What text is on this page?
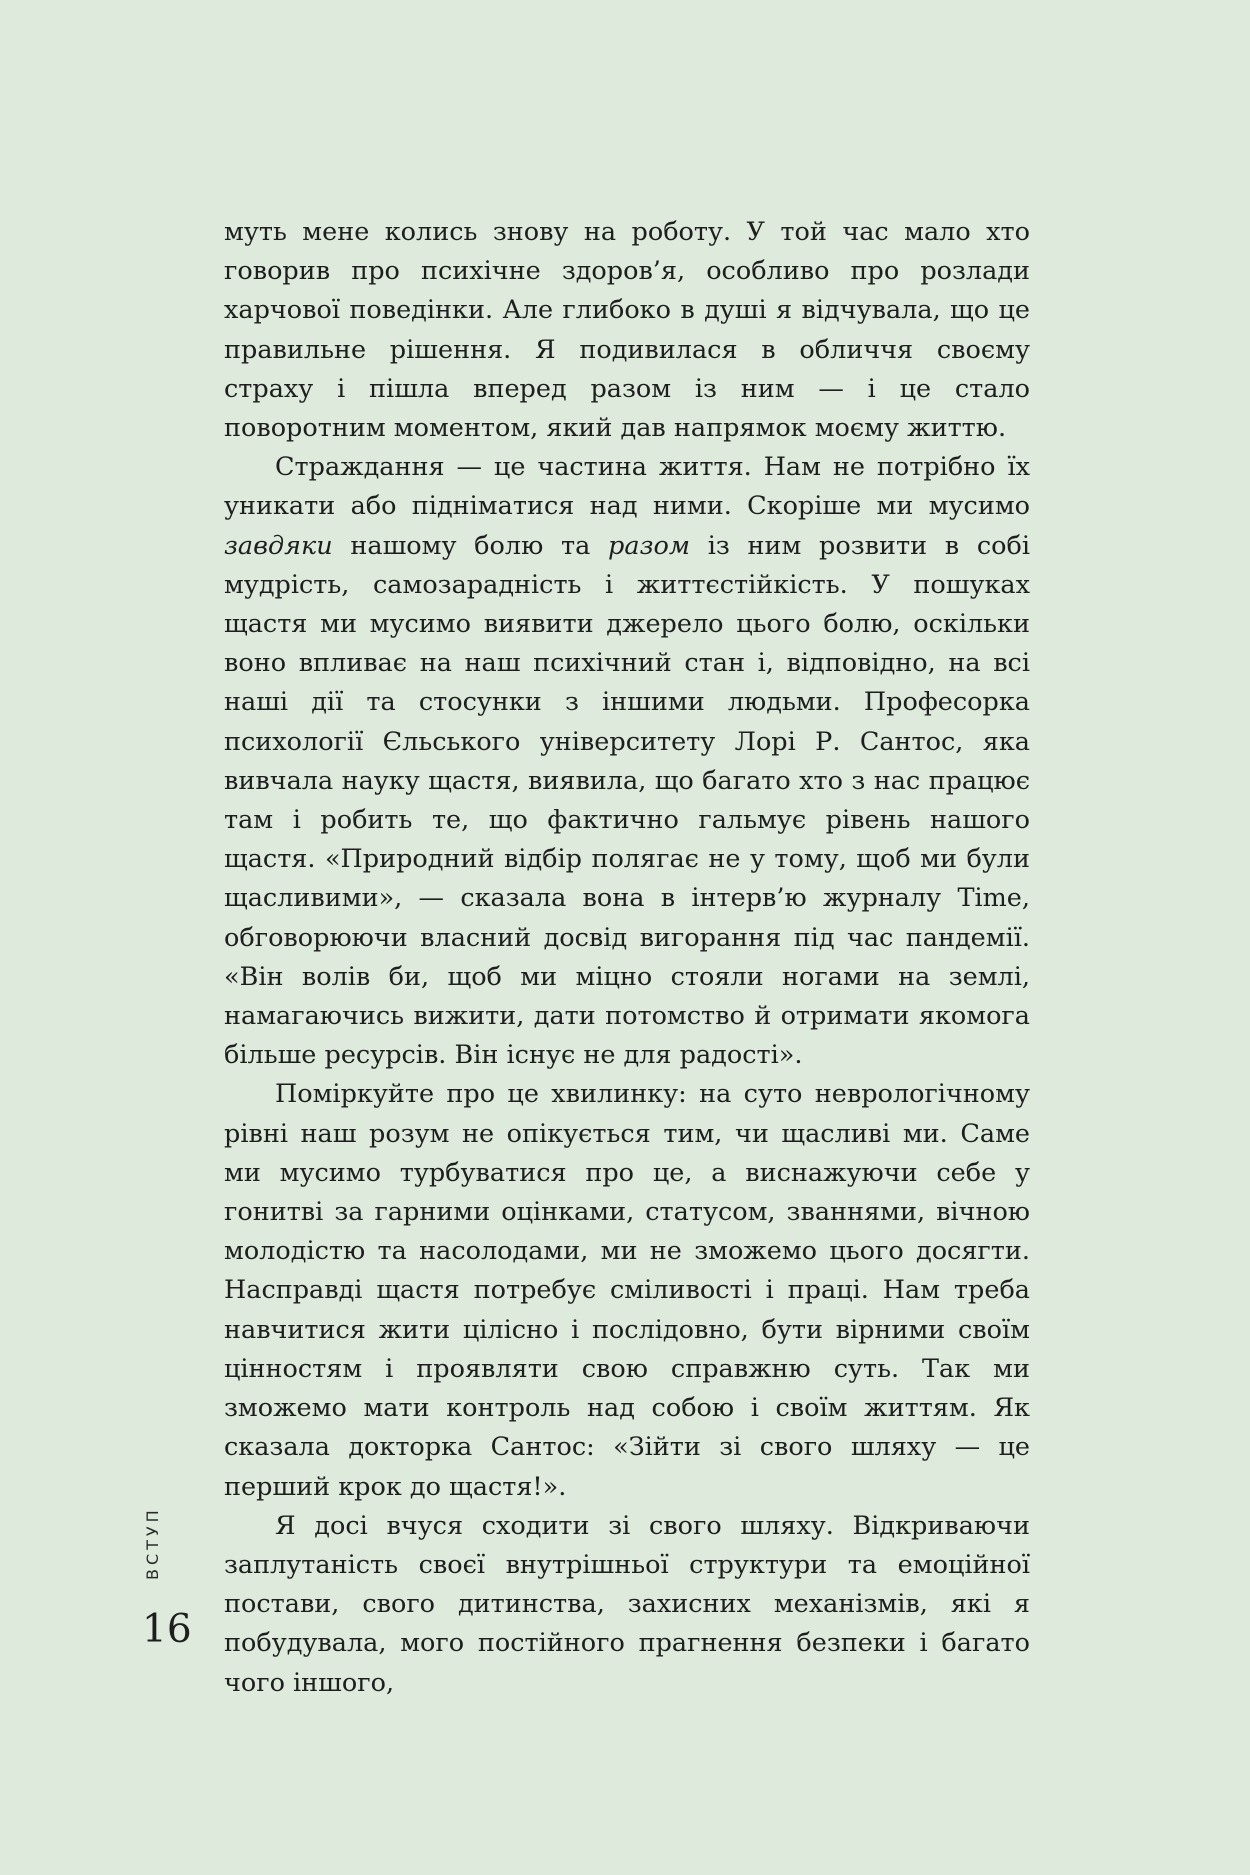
муть мене колись знову на роботу. У той час мало хто говорив про психічне здоров’я, особливо про розлади харчової поведінки. Але глибоко в душі я відчувала, що це правильне рішення. Я подивилася в обличчя своєму страху і пішла вперед разом із ним — і це стало поворотним моментом, який дав напрямок моєму життю.

Страждання — це частина життя. Нам не потрібно їх уникати або підніматися над ними. Скоріше ми мусимо завдяки нашому болю та разом із ним розвити в собі мудрість, самозарадність і життєстійкість. У пошуках щастя ми мусимо виявити джерело цього болю, оскільки воно впливає на наш психічний стан і, відповідно, на всі наші дії та стосунки з іншими людьми. Професорка психології Єльського університету Лорі Р. Сантос, яка вивчала науку щастя, виявила, що багато хто з нас працює там і робить те, що фактично гальмує рівень нашого щастя. «Природний відбір полягає не у тому, щоб ми були щасливими», — сказала вона в інтерв’ю журналу Time, обговорюючи власний досвід вигорання під час пандемії. «Він волів би, щоб ми міцно стояли ногами на землі, намагаючись вижити, дати потомство й отримати якомога більше ресурсів. Він існує не для радості».

Поміркуйте про це хвилинку: на суто неврологічному рівні наш розум не опікується тим, чи щасливі ми. Саме ми мусимо турбуватися про це, а виснажуючи себе у гонитві за гарними оцінками, статусом, званнями, вічною молодістю та насолодами, ми не зможемо цього досягти. Насправді щастя потребує сміливості і праці. Нам треба навчитися жити цілісно і послідовно, бути вірними своїм цінностям і проявляти свою справжню суть. Так ми зможемо мати контроль над собою і своїм життям. Як сказала докторка Сантос: «Зійти зі свого шляху — це перший крок до щастя!».

Я досі вчуся сходити зі свого шляху. Відкриваючи заплутаність своєї внутрішньої структури та емоційної постави, свого дитинства, захисних механізмів, які я побудувала, мого постійного прагнення безпеки і багато чого іншого,

ВСТУП
16
